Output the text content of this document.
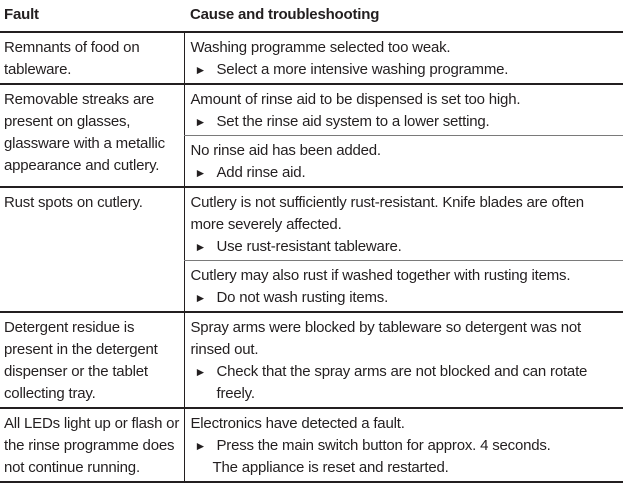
Fault	Cause and troubleshooting
Remnants of food on tableware.	Washing programme selected too weak.
► Select a more intensive washing programme.

Removable streaks are present on glasses, glassware with a metallic appearance and cutlery.	Amount of rinse aid to be dispensed is set too high.
► Set the rinse aid system to a lower setting.

	No rinse aid has been added.
► Add rinse aid.

Rust spots on cutlery.	Cutlery is not sufficiently rust-resistant. Knife blades are often more severely affected.
► Use rust-resistant tableware.

	Cutlery may also rust if washed together with rusting items.
► Do not wash rusting items.

Detergent residue is present in the detergent dispenser or the tablet collecting tray.	Spray arms were blocked by tableware so detergent was not rinsed out.
► Check that the spray arms are not blocked and can rotate freely.

All LEDs light up or flash or the rinse programme does not continue running.	Electronics have detected a fault.
► Press the main switch button for approx. 4 seconds.
The appliance is reset and restarted.
